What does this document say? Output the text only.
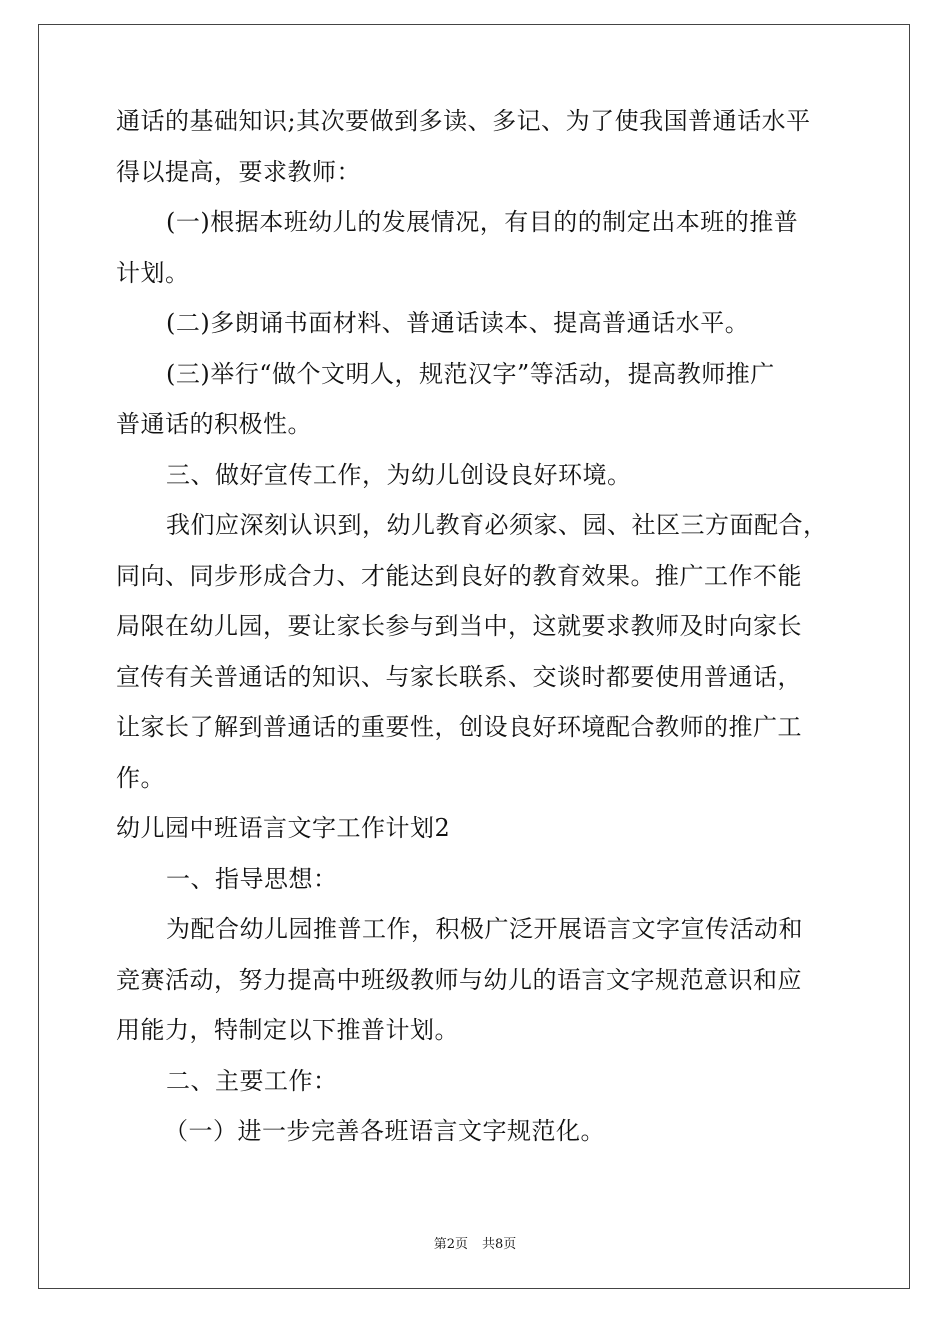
通话的基础知识;其次要做到多读、多记、为了使我国普通话水平
得以提高，要求教师：
(一)根据本班幼儿的发展情况，有目的的制定出本班的推普
计划。
(二)多朗诵书面材料、普通话读本、提高普通话水平。
(三)举行“做个文明人，规范汉字”等活动，提高教师推广
普通话的积极性。
三、做好宣传工作，为幼儿创设良好环境。
我们应深刻认识到，幼儿教育必须家、园、社区三方面配合，
同向、同步形成合力、才能达到良好的教育效果。推广工作不能
局限在幼儿园，要让家长参与到当中，这就要求教师及时向家长
宣传有关普通话的知识、与家长联系、交谈时都要使用普通话，
让家长了解到普通话的重要性，创设良好环境配合教师的推广工
作。
幼儿园中班语言文字工作计划2
一、指导思想：
为配合幼儿园推普工作，积极广泛开展语言文字宣传活动和
竞赛活动，努力提高中班级教师与幼儿的语言文字规范意识和应
用能力，特制定以下推普计划。
二、主要工作：
（一）进一步完善各班语言文字规范化。
第2页 共8页
